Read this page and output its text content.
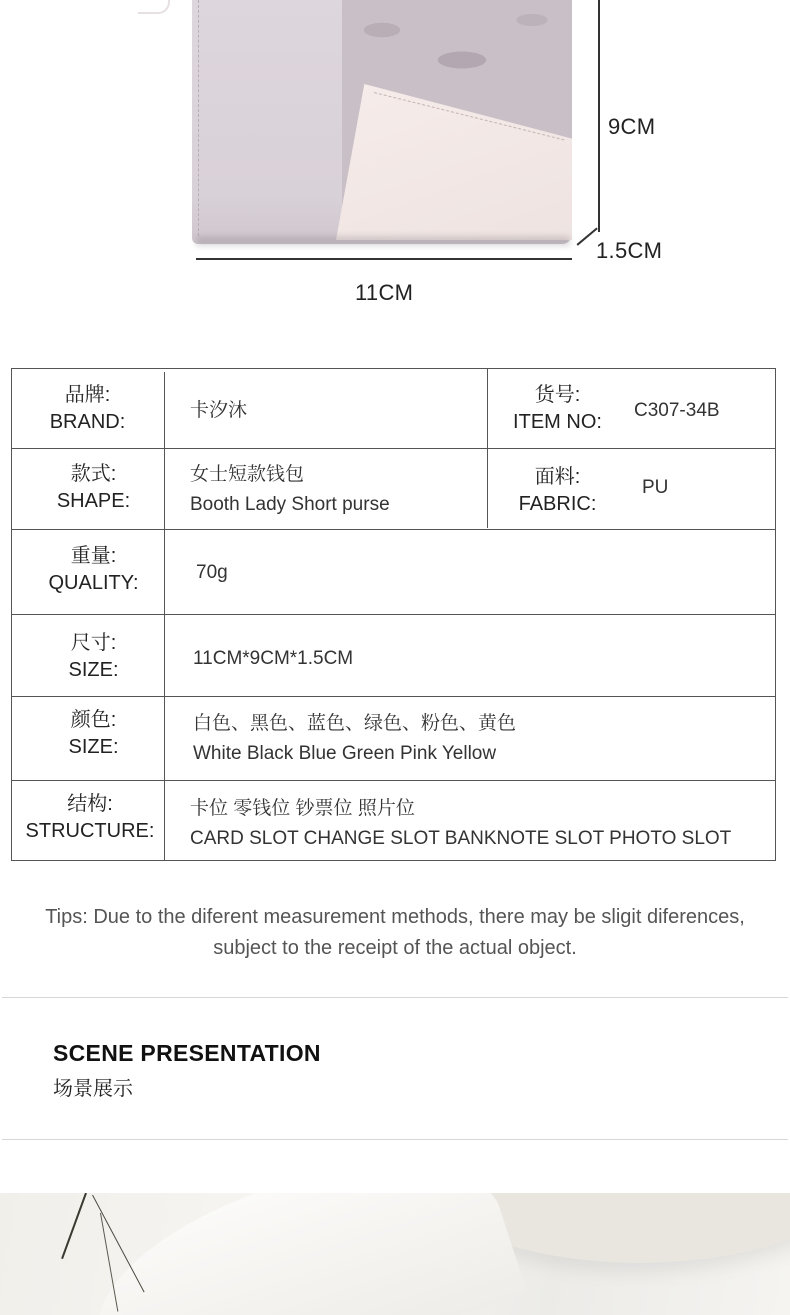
9CM
1.5CM
11CM
品牌:
BRAND:
卡汐沐
货号:
ITEM NO:
C307-34B
款式:
SHAPE:
女士短款钱包
Booth Lady Short purse
面料:
FABRIC:
PU
重量:
QUALITY:	70g
尺寸:
SIZE:
11CM*9CM*1.5CM
颜色:
SIZE:
白色、黑色、蓝色、绿色、粉色、黄色
White Black Blue Green Pink Yellow
结构:
STRUCTURE:
卡位 零钱位 钞票位 照片位
CARD SLOT CHANGE SLOT BANKNOTE SLOT PHOTO SLOT
Tips: Due to the diferent measurement methods, there may be sligit diferences,
subject to the receipt of the actual object.
SCENE PRESENTATION
场景展示
